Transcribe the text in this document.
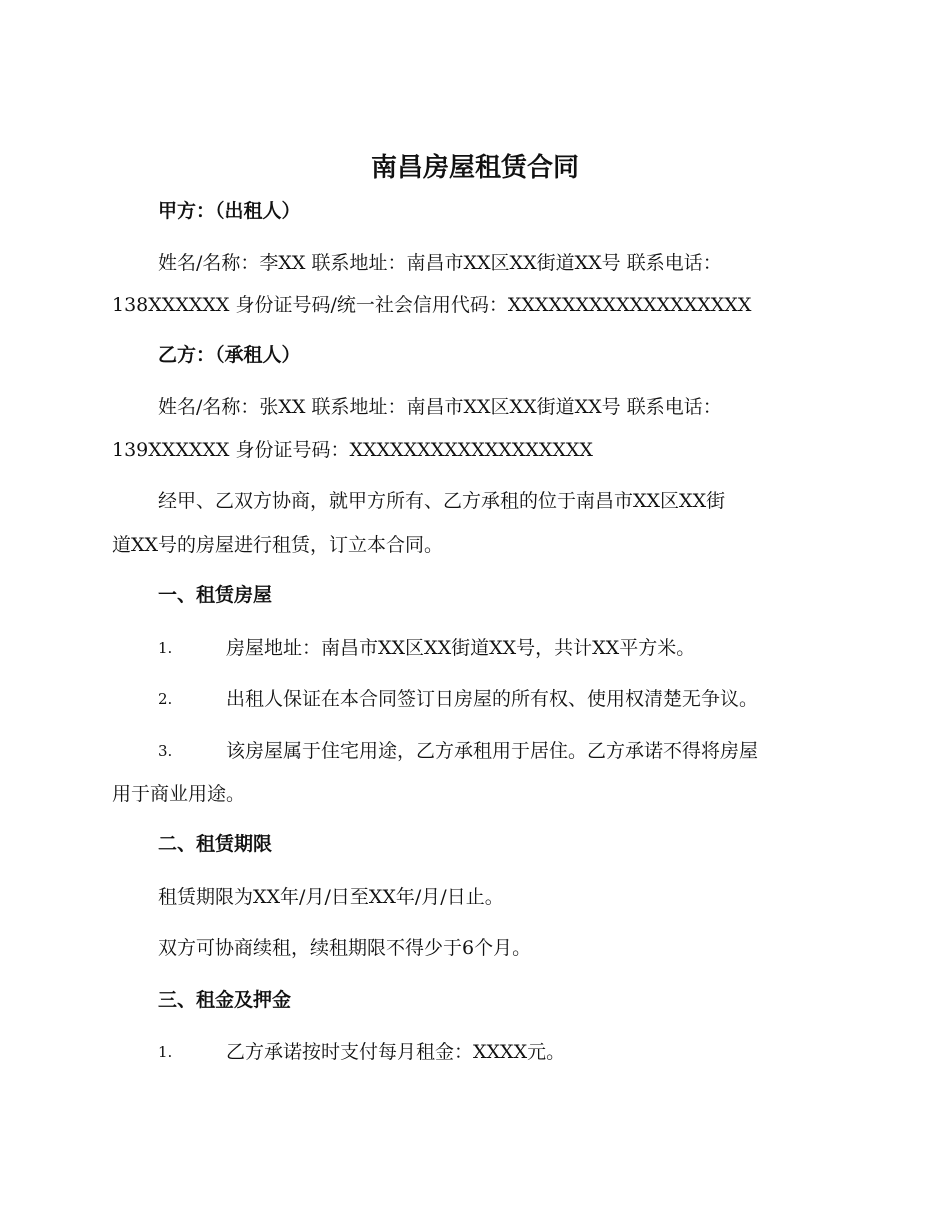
南昌房屋租赁合同
甲方：（出租人）
姓名/名称：李XX 联系地址：南昌市XX区XX街道XX号 联系电话：
138XXXXXX 身份证号码/统一社会信用代码：XXXXXXXXXXXXXXXXXX
乙方：（承租人）
姓名/名称：张XX 联系地址：南昌市XX区XX街道XX号 联系电话：
139XXXXXX 身份证号码：XXXXXXXXXXXXXXXXXX
经甲、乙双方协商，就甲方所有、乙方承租的位于南昌市XX区XX街
道XX号的房屋进行租赁，订立本合同。
一、租赁房屋
1.	房屋地址：南昌市XX区XX街道XX号，共计XX平方米。
2.	出租人保证在本合同签订日房屋的所有权、使用权清楚无争议。
3.	该房屋属于住宅用途，乙方承租用于居住。乙方承诺不得将房屋
用于商业用途。
二、租赁期限
租赁期限为XX年/月/日至XX年/月/日止。
双方可协商续租，续租期限不得少于6个月。
三、租金及押金
1.	乙方承诺按时支付每月租金：XXXX元。
